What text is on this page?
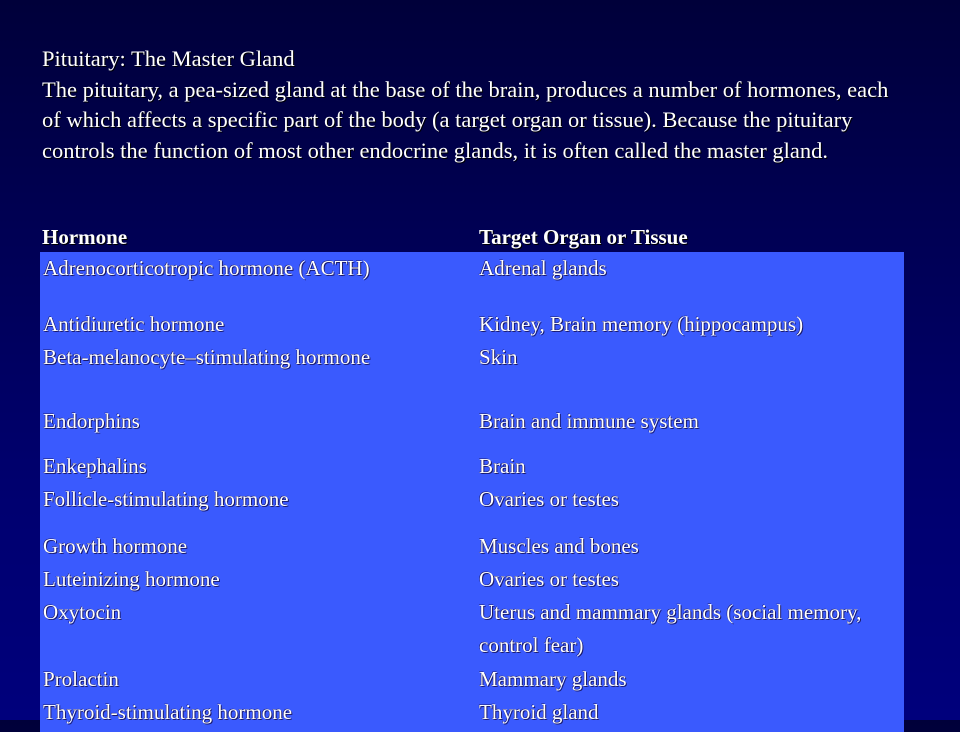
Pituitary: The Master Gland
The pituitary, a pea-sized gland at the base of the brain, produces a number of hormones, each of which affects a specific part of the body (a target organ or tissue). Because the pituitary controls the function of most other endocrine glands, it is often called the master gland.
Hormone	Target Organ or Tissue
Adrenocorticotropic hormone (ACTH)	Adrenal glands
Antidiuretic hormone	Kidney, Brain memory (hippocampus)
Beta-melanocyte–stimulating hormone	Skin
Endorphins	Brain and immune system
Enkephalins	Brain
Follicle-stimulating hormone	Ovaries or testes
Growth hormone	Muscles and bones
Luteinizing hormone	Ovaries or testes
Oxytocin	Uterus and mammary glands (social memory, control fear)
Prolactin	Mammary glands
Thyroid-stimulating hormone	Thyroid gland
